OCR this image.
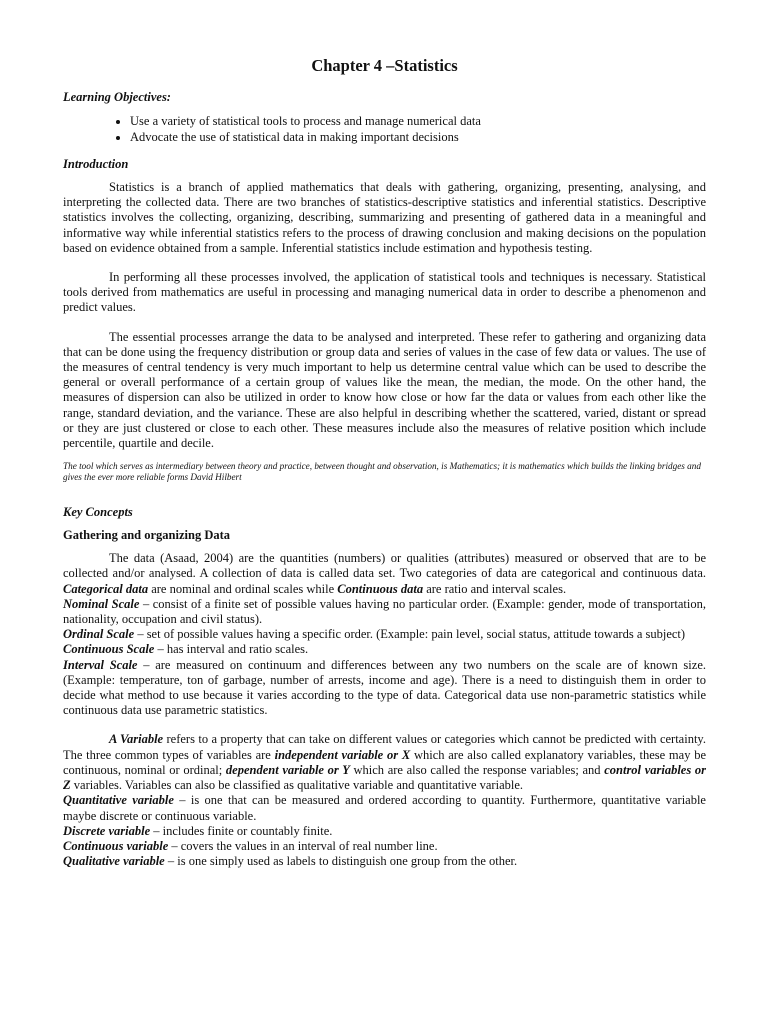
Chapter 4 –Statistics
Learning Objectives:
• Use a variety of statistical tools to process and manage numerical data
• Advocate the use of statistical data in making important decisions
Introduction

Statistics is a branch of applied mathematics that deals with gathering, organizing, presenting, analysing, and interpreting the collected data. There are two branches of statistics-descriptive statistics and inferential statistics. Descriptive statistics involves the collecting, organizing, describing, summarizing and presenting of gathered data in a meaningful and informative way while inferential statistics refers to the process of drawing conclusion and making decisions on the population based on evidence obtained from a sample. Inferential statistics include estimation and hypothesis testing.

In performing all these processes involved, the application of statistical tools and techniques is necessary. Statistical tools derived from mathematics are useful in processing and managing numerical data in order to describe a phenomenon and predict values.

The essential processes arrange the data to be analysed and interpreted. These refer to gathering and organizing data that can be done using the frequency distribution or group data and series of values in the case of few data or values. The use of the measures of central tendency is very much important to help us determine central value which can be used to describe the general or overall performance of a certain group of values like the mean, the median, the mode. On the other hand, the measures of dispersion can also be utilized in order to know how close or how far the data or values from each other like the range, standard deviation, and the variance. These are also helpful in describing whether the scattered, varied, distant or spread or they are just clustered or close to each other. These measures include also the measures of relative position which include percentile, quartile and decile.

The tool which serves as intermediary between theory and practice, between thought and observation, is Mathematics; it is mathematics which builds the linking bridges and gives the ever more reliable forms David Hilbert

Key Concepts
Gathering and organizing Data

The data (Asaad, 2004) are the quantities (numbers) or qualities (attributes) measured or observed that are to be collected and/or analysed. A collection of data is called data set. Two categories of data are categorical and continuous data. Categorical data are nominal and ordinal scales while Continuous data are ratio and interval scales.

Nominal Scale – consist of a finite set of possible values having no particular order. (Example: gender, mode of transportation, nationality, occupation and civil status).

Ordinal Scale – set of possible values having a specific order. (Example: pain level, social status, attitude towards a subject)

Continuous Scale – has interval and ratio scales.

Interval Scale – are measured on continuum and differences between any two numbers on the scale are of known size. (Example: temperature, ton of garbage, number of arrests, income and age). There is a need to distinguish them in order to decide what method to use because it varies according to the type of data. Categorical data use non-parametric statistics while continuous data use parametric statistics.

A Variable refers to a property that can take on different values or categories which cannot be predicted with certainty. The three common types of variables are independent variable or X which are also called explanatory variables, these may be continuous, nominal or ordinal; dependent variable or Y which are also called the response variables; and control variables or Z variables. Variables can also be classified as qualitative variable and quantitative variable.

Quantitative variable – is one that can be measured and ordered according to quantity. Furthermore, quantitative variable maybe discrete or continuous variable.

Discrete variable – includes finite or countably finite.

Continuous variable – covers the values in an interval of real number line.

Qualitative variable – is one simply used as labels to distinguish one group from the other.
